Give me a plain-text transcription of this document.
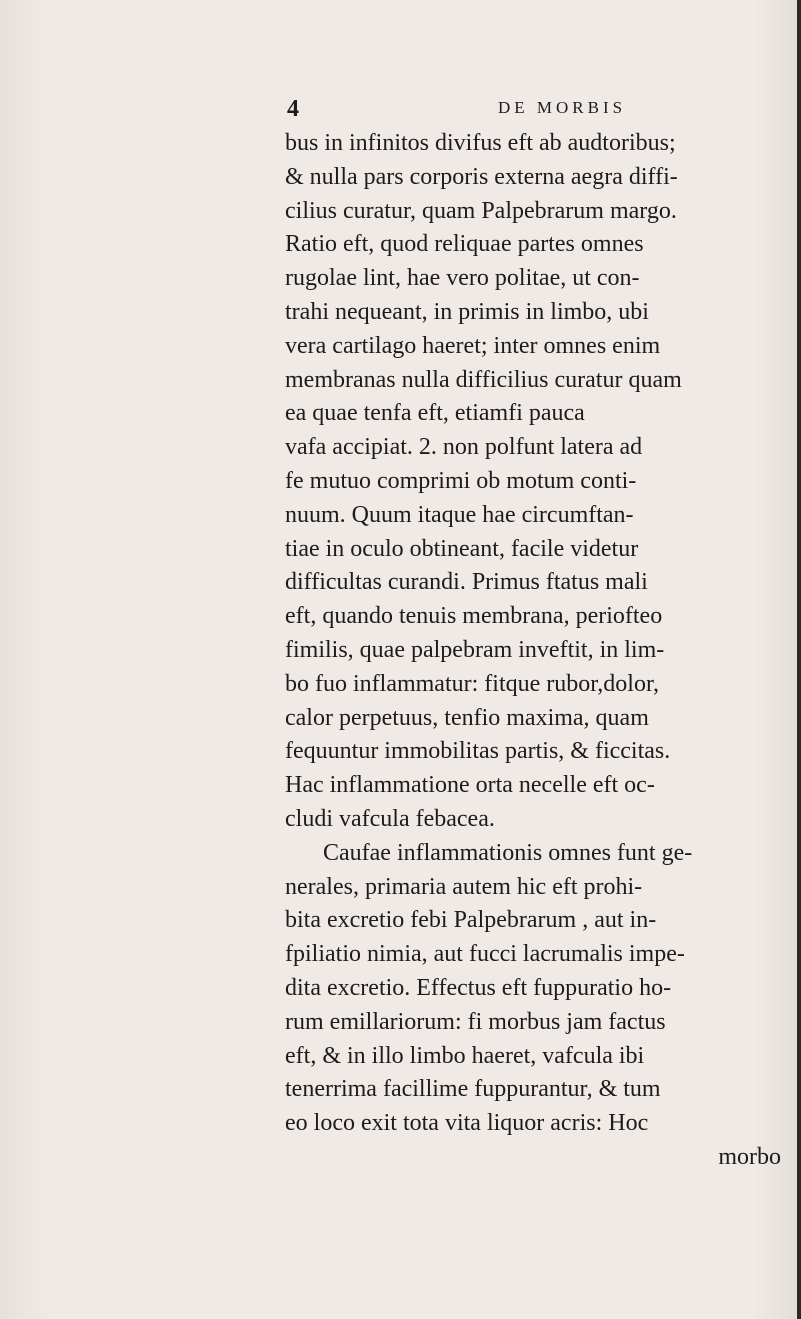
4	DE MORBIS
bus in infinitos divifus eft ab audtoribus;
& nulla pars corporis externa aegra diffi-
cilius curatur, quam Palpebrarum margo.
Ratio eft, quod reliquae partes omnes
rugolae lint, hae vero politae, ut con-
trahi nequeant, in primis in limbo, ubi
vera cartilago haeret; inter omnes enim
membranas nulla difficilius curatur quam
ea quae tenfa eft, etiamfi pauca
vafa accipiat. 2. non polfunt latera ad
fe mutuo comprimi ob motum conti-
nuum. Quum itaque hae circumftan-
tiae in oculo obtineant, facile videtur
difficultas curandi. Primus ftatus mali
eft, quando tenuis membrana, periofteo
fimilis, quae palpebram inveftit, in lim-
bo fuo inflammatur: fitque rubor,dolor,
calor perpetuus, tenfio maxima, quam
fequuntur immobilitas partis, & ficcitas.
Hac inflammatione orta necelle eft oc-
cludi vafcula febacea.
Caufae inflammationis omnes funt ge-
nerales, primaria autem hic eft prohi-
bita excretio febi Palpebrarum , aut in-
fpiliatio nimia, aut fucci lacrumalis impe-
dita excretio. Effectus eft fuppuratio ho-
rum emillariorum: fi morbus jam factus
eft, & in illo limbo haeret, vafcula ibi
tenerrima facillime fuppurantur, & tum
eo loco exit tota vita liquor acris: Hoc
morbo
